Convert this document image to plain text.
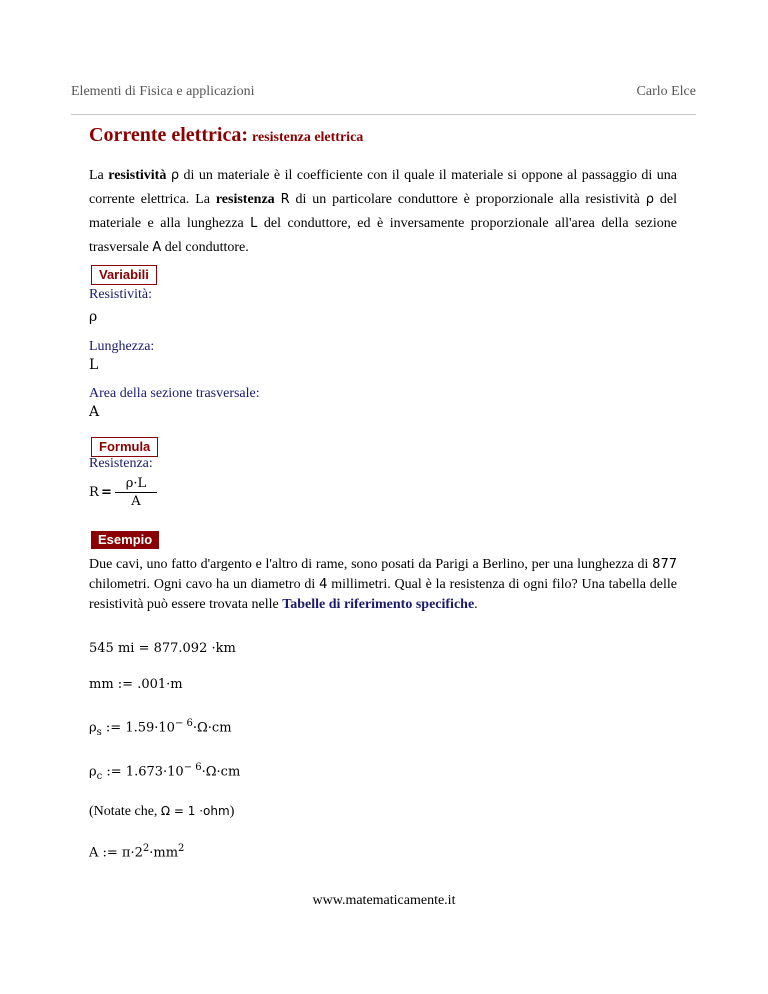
Elementi di Fisica e applicazioni	Carlo Elce
Corrente elettrica: resistenza elettrica
La resistività ρ di un materiale è il coefficiente con il quale il materiale si oppone al passaggio di una corrente elettrica. La resistenza R di un particolare conduttore è proporzionale alla resistività ρ del materiale e alla lunghezza L del conduttore, ed è inversamente proporzionale all'area della sezione trasversale A del conduttore.
Variabili
Resistività:
ρ
Lunghezza:
L
Area della sezione trasversale:
A
Formula
Resistenza:
R =
ρ·L
A
Esempio
Due cavi, uno fatto d'argento e l'altro di rame, sono posati da Parigi a Berlino, per una lunghezza di 877 chilometri. Ogni cavo ha un diametro di 4 millimetri. Qual è la resistenza di ogni filo? Una tabella delle resistività può essere trovata nelle Tabelle di riferimento specifiche.
545 mi = 877.092 ·km
mm := .001·m
$\rho_s$ := $1.59\cdot 10^{- 6}\cdot\Omega\cdot cm$
$\rho_c$ := $1.673\cdot 10^{- 6}\cdot\Omega\cdot cm$
(Notate che, Ω = 1 ·ohm)
A := $\pi\cdot 2^2\cdot mm^2$
www.matematicamente.it
